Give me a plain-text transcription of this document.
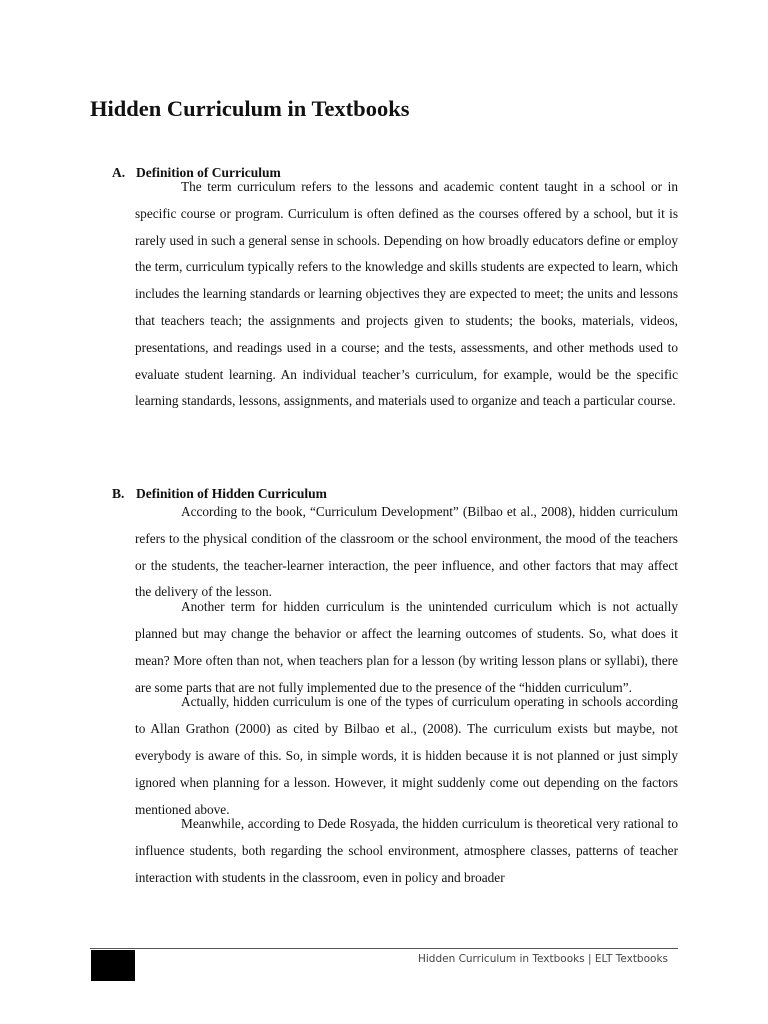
Hidden Curriculum in Textbooks
A. Definition of Curriculum

The term curriculum refers to the lessons and academic content taught in a school or in specific course or program. Curriculum is often defined as the courses offered by a school, but it is rarely used in such a general sense in schools. Depending on how broadly educators define or employ the term, curriculum typically refers to the knowledge and skills students are expected to learn, which includes the learning standards or learning objectives they are expected to meet; the units and lessons that teachers teach; the assignments and projects given to students; the books, materials, videos, presentations, and readings used in a course; and the tests, assessments, and other methods used to evaluate student learning. An individual teacher’s curriculum, for example, would be the specific learning standards, lessons, assignments, and materials used to organize and teach a particular course.

B. Definition of Hidden Curriculum

According to the book, “Curriculum Development” (Bilbao et al., 2008), hidden curriculum refers to the physical condition of the classroom or the school environment, the mood of the teachers or the students, the teacher-learner interaction, the peer influence, and other factors that may affect the delivery of the lesson.

Another term for hidden curriculum is the unintended curriculum which is not actually planned but may change the behavior or affect the learning outcomes of students. So, what does it mean? More often than not, when teachers plan for a lesson (by writing lesson plans or syllabi), there are some parts that are not fully implemented due to the presence of the “hidden curriculum”.

Actually, hidden curriculum is one of the types of curriculum operating in schools according to Allan Grathon (2000) as cited by Bilbao et al., (2008). The curriculum exists but maybe, not everybody is aware of this. So, in simple words, it is hidden because it is not planned or just simply ignored when planning for a lesson. However, it might suddenly come out depending on the factors mentioned above.

Meanwhile, according to Dede Rosyada, the hidden curriculum is theoretical very rational to influence students, both regarding the school environment, atmosphere classes, patterns of teacher interaction with students in the classroom, even in policy and broader

Hidden Curriculum in Textbooks | ELT Textbooks
